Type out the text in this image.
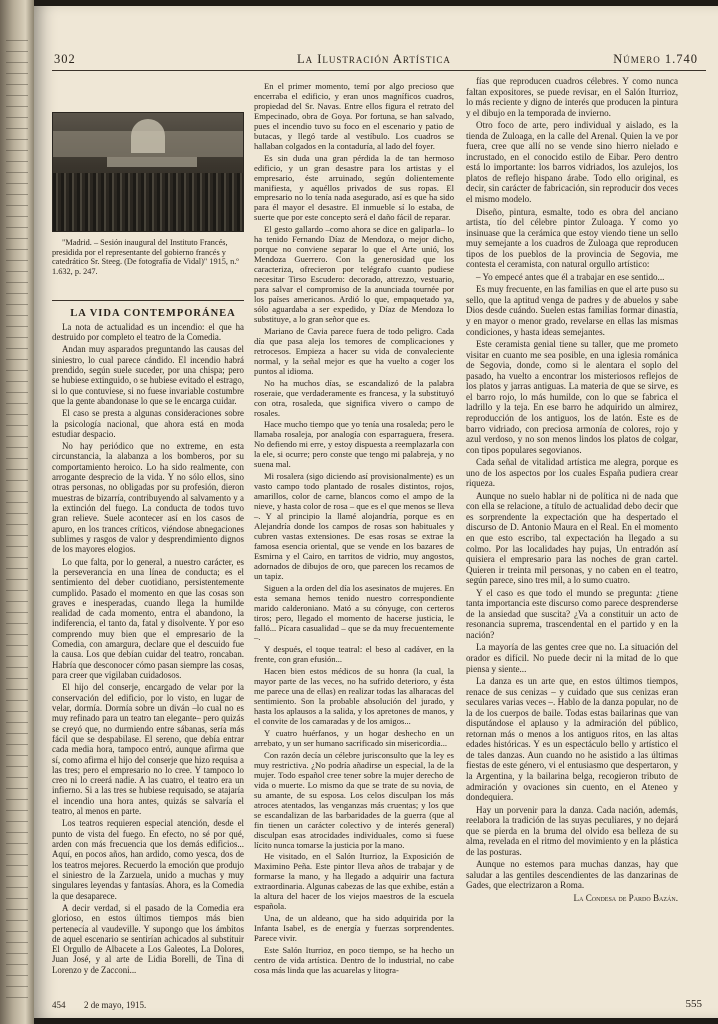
302	La Ilustración Artística	Número 1.740

"Madrid. – Sesión inaugural del Instituto Francés, presidida por el representante del gobierno francés y catedrático Sr. Steeg. (De fotografía de Vidal)" 1915, n.º 1.632, p. 247.

LA VIDA CONTEMPORÁNEA

La nota de actualidad es un incendio: el que ha destruido por completo el teatro de la Comedia.

Andan muy asparados preguntando las causas del siniestro, lo cual parece cándido. El incendio habrá prendido, según suele suceder, por una chispa; pero se hubiese extinguido, o se hubiese evitado el estrago, si lo que contuviese, si no fuese invariable costumbre que la gente abandonase lo que se le encarga cuidar.

El caso se presta a algunas consideraciones sobre la psicología nacional, que ahora está en moda estudiar despacio.

No hay periódico que no extreme, en esta circunstancia, la alabanza a los bomberos, por su comportamiento heroico. Lo ha sido realmente, con arrogante desprecio de la vida. Y no sólo ellos, sino otras personas, no obligadas por su profesión, dieron muestras de bizarría, contribuyendo al salvamento y a la extinción del fuego. La conducta de todos tuvo gran relieve. Suele acontecer así en los casos de apuro, en los trances críticos, viéndose abnegaciones sublimes y rasgos de valor y desprendimiento dignos de los mayores elogios.

Lo que falta, por lo general, a nuestro carácter, es la perseverancia en una línea de conducta; es el sentimiento del deber cuotidiano, persistentemente cumplido. Pasado el momento en que las cosas son graves e inesperadas, cuando llega la humilde realidad de cada momento, entra el abandono, la indiferencia, el tanto da, fatal y disolvente. Y por eso comprendo muy bien que el empresario de la Comedia, con amargura, declare que el descuido fue la causa. Los que debían cuidar del teatro, roncaban. Habría que desconocer cómo pasan siempre las cosas, para creer que vigilaban cuidadosos.

El hijo del conserje, encargado de velar por la conservación del edificio, por lo visto, en lugar de velar, dormía. Dormía sobre un diván –lo cual no es muy refinado para un teatro tan elegante– pero quizás se creyó que, no durmiendo entre sábanas, sería más fácil que se despabilase. El sereno, que debía entrar cada media hora, tampoco entró, aunque afirma que sí, como afirma el hijo del conserje que hizo requisa a las tres; pero el empresario no lo cree. Y tampoco lo creo ni lo creerá nadie. A las cuatro, el teatro era un infierno. Si a las tres se hubiese requisado, se atajaría el incendio una hora antes, quizás se salvaría el teatro, al menos en parte.

Los teatros requieren especial atención, desde el punto de vista del fuego. En efecto, no sé por qué, arden con más frecuencia que los demás edificios... Aquí, en pocos años, han ardido, como yesca, dos de los teatros mejores. Recuerdo la emoción que produjo el siniestro de la Zarzuela, unido a muchas y muy singulares leyendas y fantasías. Ahora, es la Comedia la que desaparece.

A decir verdad, si el pasado de la Comedia era glorioso, en estos últimos tiempos más bien pertenecía al vaudeville. Y supongo que los ámbitos de aquel escenario se sentirían achicados al substituir El Orgullo de Albacete a Los Galeotes, La Dolores, Juan José, y al arte de Lidia Borelli, de Tina di Lorenzo y de Zacconi...

En el primer momento, temí por algo precioso que encerraba el edificio, y eran unos magníficos cuadros, propiedad del Sr. Navas. Entre ellos figura el retrato del Empecinado, obra de Goya. Por fortuna, se han salvado, pues el incendio tuvo su foco en el escenario y patio de butacas, y llegó tarde al vestíbulo. Los cuadros se hallaban colgados en la contaduría, al lado del foyer.

Es sin duda una gran pérdida la de tan hermoso edificio, y un gran desastre para los artistas y el empresario, éste arruinado, según dolientemente manifiesta, y aquéllos privados de sus ropas. El empresario no lo tenía nada asegurado, así es que ha sido para él mayor el desastre. El inmueble sí lo estaba, de suerte que por este concepto será el daño fácil de reparar.

El gesto gallardo –como ahora se dice en galiparla– lo ha tenido Fernando Díaz de Mendoza, o mejor dicho, porque no conviene separar lo que el Arte unió, los Mendoza Guerrero. Con la generosidad que los caracteriza, ofrecieron por telégrafo cuanto pudiese necesitar Tirso Escudero: decorado, attrezzo, vestuario, para salvar el compromiso de la anunciada tournée por los países americanos. Ardió lo que, empaquetado ya, sólo aguardaba a ser expedido, y Díaz de Mendoza lo substituye, a lo gran señor que es.

Mariano de Cavia parece fuera de todo peligro. Cada día que pasa aleja los temores de complicaciones y retrocesos. Empieza a hacer su vida de convaleciente normal, y la señal mejor es que ha vuelto a coger los puntos al idioma.

No ha muchos días, se escandalizó de la palabra roseraie, que verdaderamente es francesa, y la substituyó con otra, rosaleda, que significa vivero o campo de rosales.

Hace mucho tiempo que yo tenía una rosaleda; pero le llamaba rosaleja, por analogía con esparraguera, fresera. No defiendo mi erre, y estoy dispuesta a reemplazarla con la ele, si ocurre; pero conste que tengo mi palabreja, y no suena mal.

Mi rosalera (sigo diciendo así provisionalmente) es un vasto campo todo plantado de rosales distintos, rojos, amarillos, color de carne, blancos como el ampo de la nieve, y hasta color de rosa – que es el que menos se lleva –. Y al principio la llamé alojandría, porque es en Alejandría donde los campos de rosas son habituales y cubren vastas extensiones. De esas rosas se extrae la famosa esencia oriental, que se vende en los bazares de Esmirna y el Cairo, en tarritos de vidrio, muy angostos, adornados de dibujos de oro, que parecen los recamos de un tapiz.

Siguen a la orden del día los asesinatos de mujeres. En esta semana hemos tenido nuestro correspondiente marido calderoniano. Mató a su cónyuge, con certeros tiros; pero, llegado el momento de hacerse justicia, le falló... Pícara casualidad – que se da muy frecuentemente –.

Y después, el toque teatral: el beso al cadáver, en la frente, con gran efusión...

Hacen bien estos médicos de su honra (la cual, la mayor parte de las veces, no ha sufrido deterioro, y ésta me parece una de ellas) en realizar todas las alharacas del sentimiento. Son la probable absolución del jurado, y hasta los aplausos a la salida, y los apretones de manos, y el convite de los camaradas y de los amigos...

Y cuatro huérfanos, y un hogar deshecho en un arrebato, y un ser humano sacrificado sin misericordia...

Con razón decía un célebre jurisconsulto que la ley es muy restrictiva. ¿No podría añadirse un especial, la de la mujer. Todo español cree tener sobre la mujer derecho de vida o muerte. Lo mismo da que se trate de su novia, de su amante, de su esposa. Los celos disculpan los más atroces atentados, las venganzas más cruentas; y los que se escandalizan de las barbaridades de la guerra (que al fin tienen un carácter colectivo y de interés general) disculpan esas atrocidades individuales, como si fuese lícito nunca tomarse la justicia por la mano.

He visitado, en el Salón Iturrioz, la Exposición de Maximino Peña. Este pintor lleva años de trabajar y de formarse la mano, y ha llegado a adquirir una factura extraordinaria. Algunas cabezas de las que exhibe, están a la altura del hacer de los viejos maestros de la escuela española.

Una, de un aldeano, que ha sido adquirida por la Infanta Isabel, es de energía y fuerzas sorprendentes. Parece vivir.

Este Salón Iturrioz, en poco tiempo, se ha hecho un centro de vida artística. Dentro de lo industrial, no cabe cosa más linda que las acuarelas y litogra-

fías que reproducen cuadros célebres. Y como nunca faltan expositores, se puede revisar, en el Salón Iturrioz, lo más reciente y digno de interés que producen la pintura y el dibujo en la temporada de invierno.

Otro foco de arte, pero individual y aislado, es la tienda de Zuloaga, en la calle del Arenal. Quien la ve por fuera, cree que allí no se vende sino hierro nielado e incrustado, en el conocido estilo de Eibar. Pero dentro está lo importante: los barros vidriados, los azulejos, los platos de reflejo hispano árabe. Todo ello original, es decir, sin carácter de fabricación, sin reproducir dos veces el mismo modelo.

Diseño, pintura, esmalte, todo es obra del anciano artista, tío del célebre pintor Zuloaga. Y como yo insinuase que la cerámica que estoy viendo tiene un sello muy semejante a los cuadros de Zuloaga que reproducen tipos de los pueblos de la provincia de Segovia, me contesta el ceramista, con natural orgullo artístico:

– Yo empecé antes que él a trabajar en ese sentido...

Es muy frecuente, en las familias en que el arte puso su sello, que la aptitud venga de padres y de abuelos y sabe Dios desde cuándo. Suelen estas familias formar dinastía, y en mayor o menor grado, revelarse en ellas las mismas condiciones, y hasta ideas semejantes.

Este ceramista genial tiene su taller, que me prometo visitar en cuanto me sea posible, en una iglesia románica de Segovia, donde, como si le alentara el soplo del pasado, ha vuelto a encontrar los misteriosos reflejos de los platos y jarras antiguas. La materia de que se sirve, es el barro rojo, lo más humilde, con lo que se fabrica el ladrillo y la teja. En ese barro he adquirido un almirez, reproducción de los antiguos, los de latón. Este es de barro vidriado, con preciosa armonía de colores, rojo y azul verdoso, y no son menos lindos los platos de colgar, con tipos populares segovianos.

Cada señal de vitalidad artística me alegra, porque es uno de los aspectos por los cuales España pudiera crear riqueza.

Aunque no suelo hablar ni de política ni de nada que con ella se relacione, a título de actualidad debo decir que es sorprendente la expectación que ha despertado el discurso de D. Antonio Maura en el Real. En el momento en que esto escribo, tal expectación ha llegado a su colmo. Por las localidades hay pujas, Un entradón así quisiera el empresario para las noches de gran cartel. Quieren ir treinta mil personas, y no caben en el teatro, según parece, sino tres mil, a lo sumo cuatro.

Y el caso es que todo el mundo se pregunta: ¿tiene tanta importancia este discurso como parece desprenderse de la ansiedad que suscita? ¿Va a constituir un acto de resonancia suprema, trascendental en el partido y en la nación?

La mayoría de las gentes cree que no. La situación del orador es difícil. No puede decir ni la mitad de lo que piensa y siente...

La danza es un arte que, en estos últimos tiempos, renace de sus cenizas – y cuidado que sus cenizas eran seculares varias veces –. Hablo de la danza popular, no de la de los cuerpos de baile. Todas estas bailarinas que van disputándose el aplauso y la admiración del público, retornan más o menos a los antiguos ritos, en las altas edades históricas. Y es un espectáculo bello y artístico el de tales danzas. Aun cuando no he asistido a las últimas fiestas de este género, vi el entusiasmo que despertaron, y la Argentina, y la bailarina belga, recogieron tributo de admiración y ovaciones sin cuento, en el Ateneo y dondequiera.

Hay un porvenir para la danza. Cada nación, además, reelabora la tradición de las suyas peculiares, y no dejará que se pierda en la bruma del olvido esa belleza de su alma, revelada en el ritmo del movimiento y en la plástica de las posturas.

Aunque no estemos para muchas danzas, hay que saludar a las gentiles descendientes de las danzarinas de Gades, que electrizaron a Roma.

La Condesa de Pardo Bazán.

454 2 de mayo, 1915.	555
